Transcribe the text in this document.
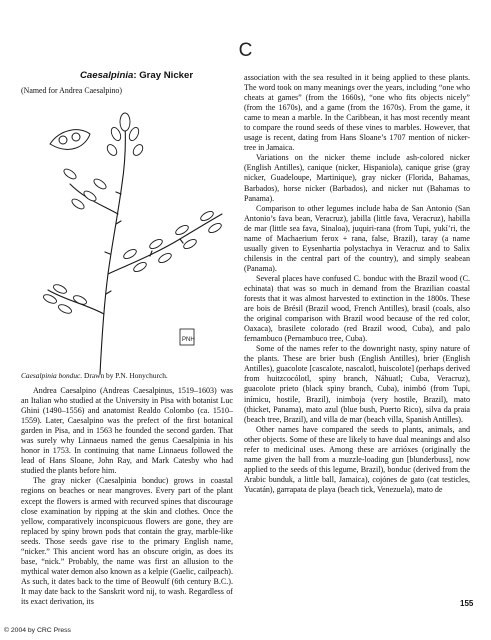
C
Caesalpinia: Gray Nicker
(Named for Andrea Caesalpino)
PNH
Caesalpinia bonduc. Drawn by P.N. Honychurch.

Andrea Caesalpino (Andreas Caesalpinus, 1519–1603) was an Italian who studied at the University in Pisa with botanist Luc Ghini (1490–1556) and anatomist Realdo Colombo (ca. 1510–1559). Later, Caesalpino was the prefect of the first botanical garden in Pisa, and in 1563 he founded the second garden. That was surely why Linnaeus named the genus Caesalpinia in his honor in 1753. In continuing that name Linnaeus followed the lead of Hans Sloane, John Ray, and Mark Catesby who had studied the plants before him.

The gray nicker (Caesalpinia bonduc) grows in coastal regions on beaches or near mangroves. Every part of the plant except the flowers is armed with recurved spines that discourage close examination by ripping at the skin and clothes. Once the yellow, comparatively inconspicuous flowers are gone, they are replaced by spiny brown pods that contain the gray, marble-like seeds. Those seeds gave rise to the primary English name, “nicker.” This ancient word has an obscure origin, as does its base, “nick.” Probably, the name was first an allusion to the mythical water demon also known as a kelpie (Gaelic, cailpeach). As such, it dates back to the time of Beowulf (6th century B.C.). It may date back to the Sanskrit word nij, to wash. Regardless of its exact derivation, its

association with the sea resulted in it being applied to these plants. The word took on many meanings over the years, including “one who cheats at games” (from the 1660s), “one who fits objects nicely” (from the 1670s), and a game (from the 1670s). From the game, it came to mean a marble. In the Caribbean, it has most recently meant to compare the round seeds of these vines to marbles. However, that usage is recent, dating from Hans Sloane’s 1707 mention of nicker-tree in Jamaica.

Variations on the nicker theme include ash-colored nicker (English Antilles), canique (nicker, Hispaniola), canique grise (gray nicker, Guadeloupe, Martinique), gray nicker (Florida, Bahamas, Barbados), horse nicker (Barbados), and nicker nut (Bahamas to Panama).

Comparison to other legumes include haba de San Antonio (San Antonio’s fava bean, Veracruz), jabilla (little fava, Veracruz), habilla de mar (little sea fava, Sinaloa), juquiri-rana (from Tupi, yukí’ri, the name of Machaerium ferox + rana, false, Brazil), taray (a name usually given to Eysenhartia polystachya in Veracruz and to Salix chilensis in the central part of the country), and simply seabean (Panama).

Several places have confused C. bonduc with the Brazil wood (C. echinata) that was so much in demand from the Brazilian coastal forests that it was almost harvested to extinction in the 1800s. These are bois de Brésil (Brazil wood, French Antilles), brasil (coals, also the original comparison with Brazil wood because of the red color, Oaxaca), brasilete colorado (red Brazil wood, Cuba), and palo fernambuco (Pernambuco tree, Cuba).

Some of the names refer to the downright nasty, spiny nature of the plants. These are brier bush (English Antilles), brier (English Antilles), guacolote [cascalote, nascalotl, huiscolote] (perhaps derived from huitzcocólotl, spiny branch, Náhuatl; Cuba, Veracruz), guacolote prieto (black spiny branch, Cuba), inimbó (from Tupi, inímicu, hostile, Brazil), inimboja (very hostile, Brazil), mato (thicket, Panama), mato azul (blue bush, Puerto Rico), silva da praia (beach tree, Brazil), and villa de mar (beach villa, Spanish Antilles).

Other names have compared the seeds to plants, animals, and other objects. Some of these are likely to have dual meanings and also refer to medicinal uses. Among these are arrióxes (originally the name given the ball from a muzzle-loading gun [blunderbuss], now applied to the seeds of this legume, Brazil), bonduc (derived from the Arabic bunduk, a little ball, Jamaica), cojónes de gato (cat testicles, Yucatán), garrapata de playa (beach tick, Venezuela), mato de

155
© 2004 by CRC Press
